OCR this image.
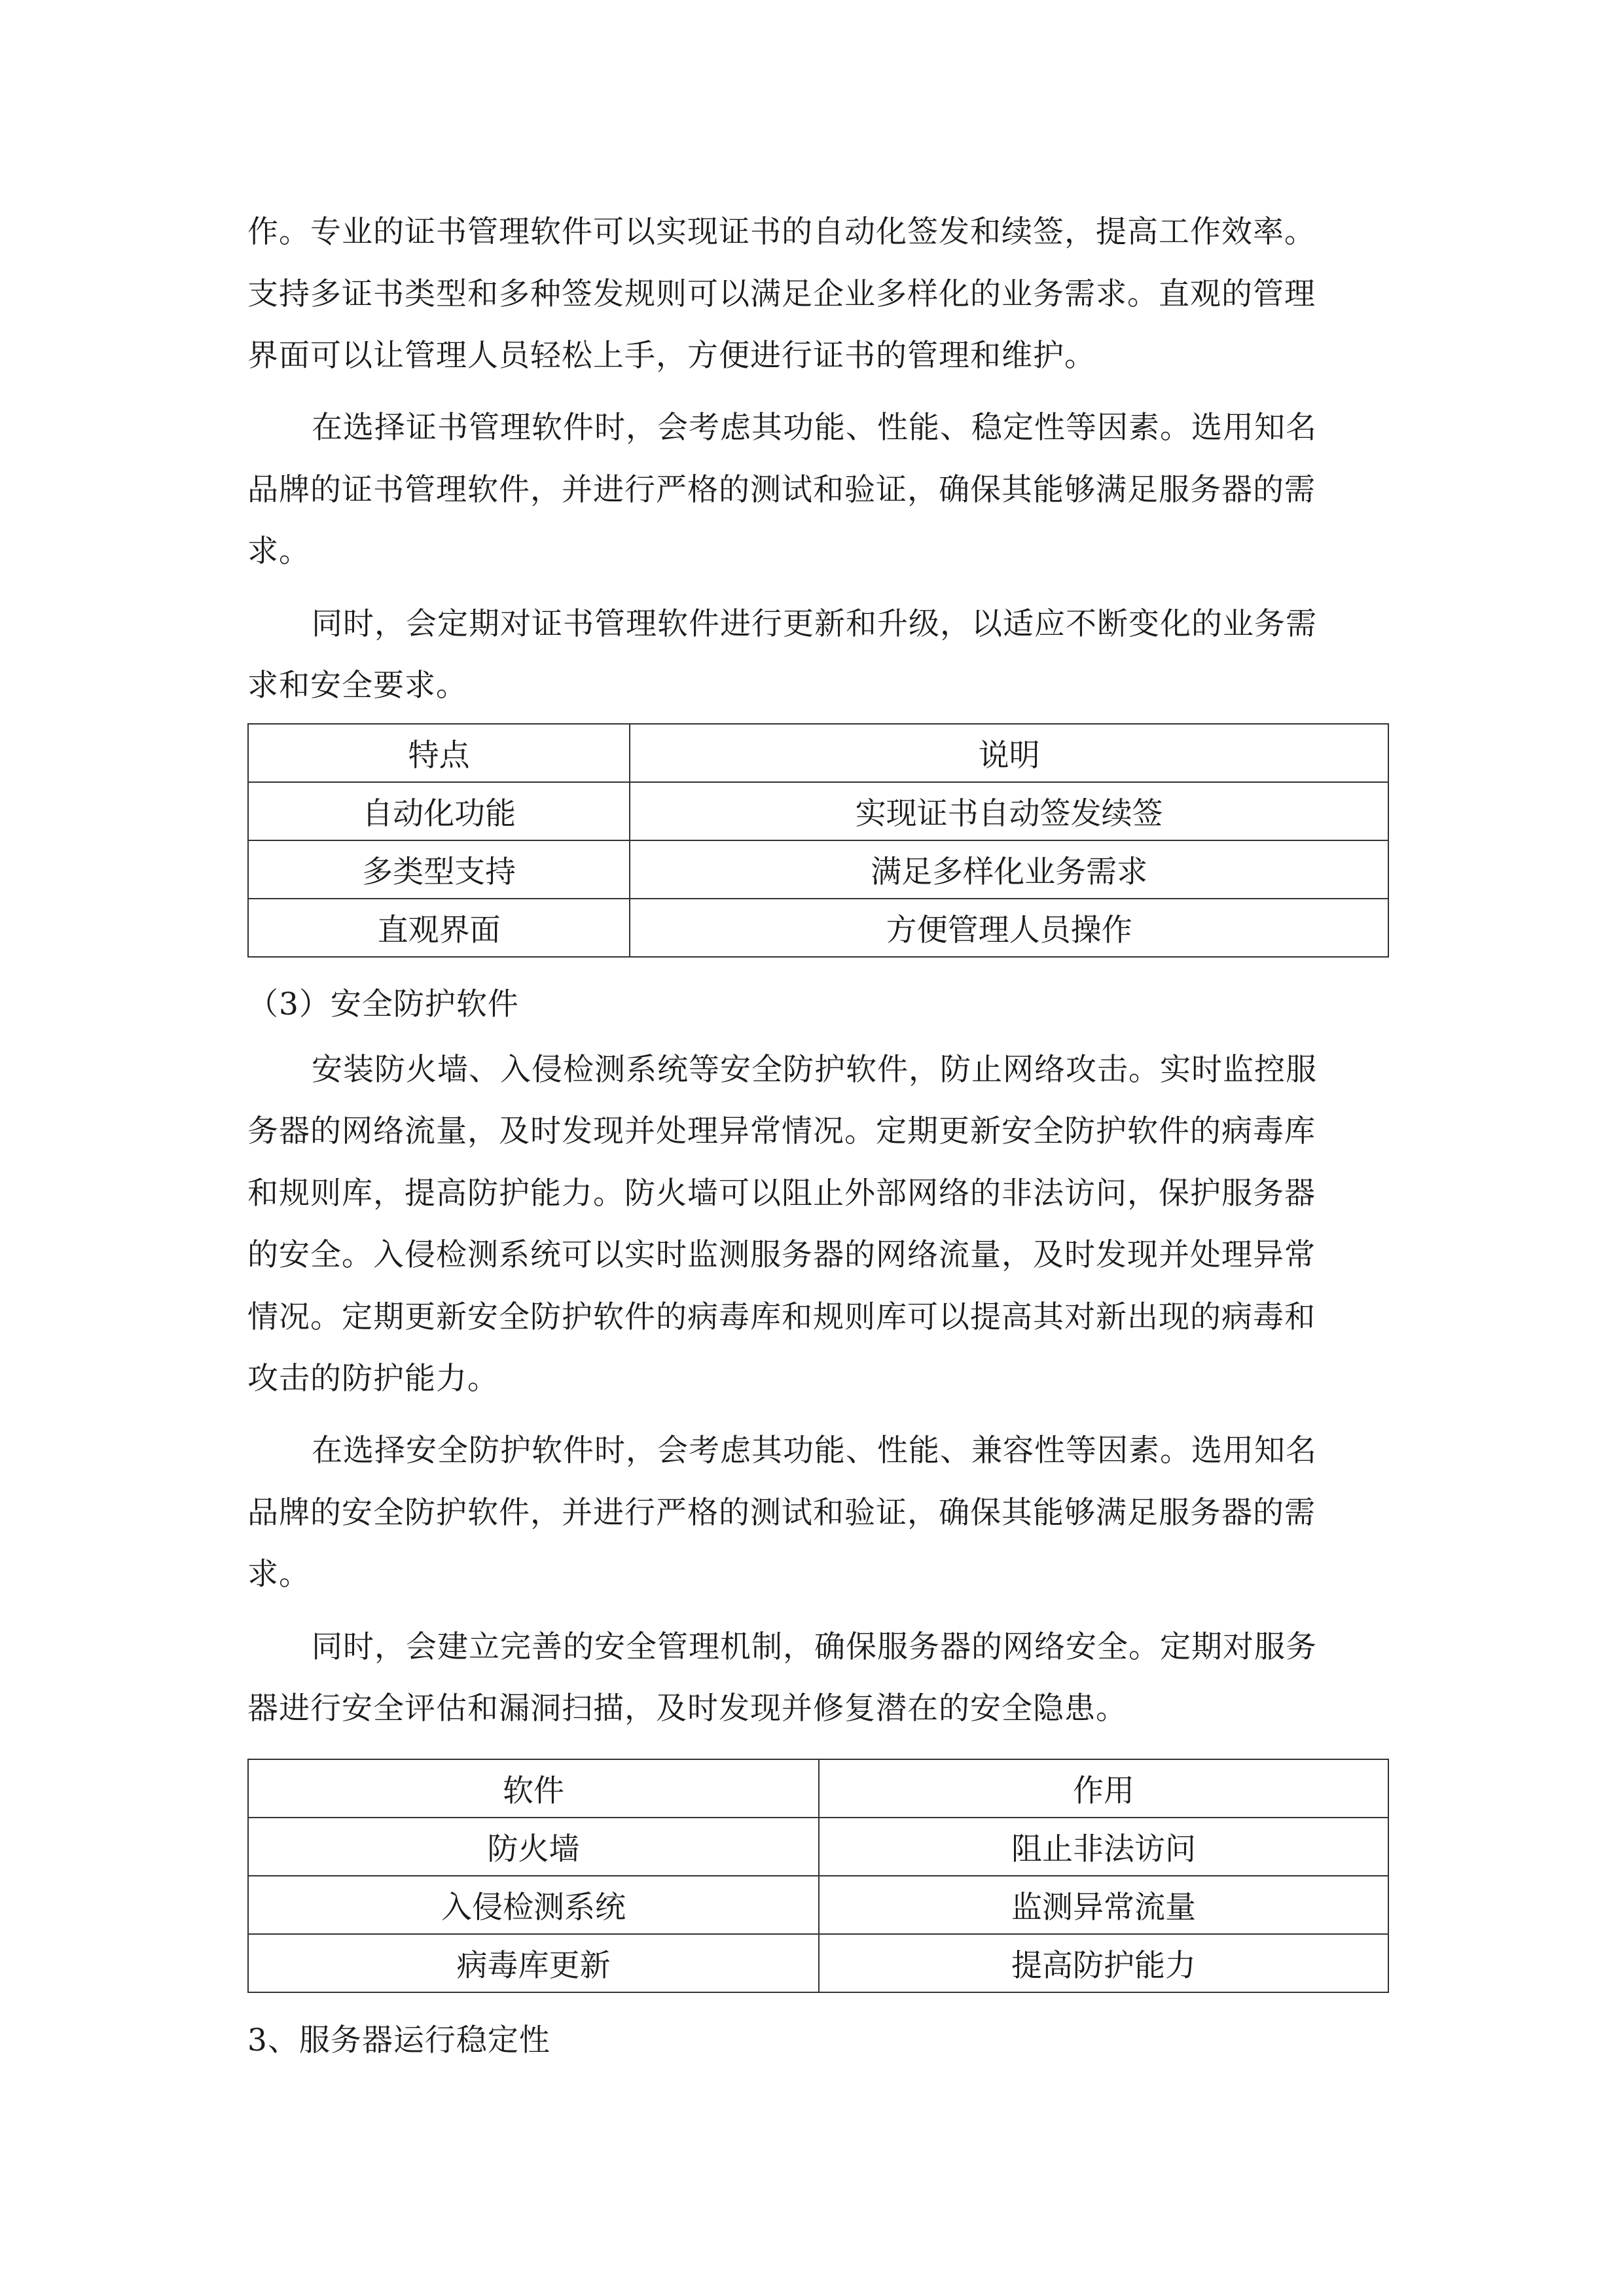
作。专业的证书管理软件可以实现证书的自动化签发和续签，提高工作效率。
支持多证书类型和多种签发规则可以满足企业多样化的业务需求。直观的管理
界面可以让管理人员轻松上手，方便进行证书的管理和维护。
在选择证书管理软件时，会考虑其功能、性能、稳定性等因素。选用知名
品牌的证书管理软件，并进行严格的测试和验证，确保其能够满足服务器的需
求。
同时，会定期对证书管理软件进行更新和升级，以适应不断变化的业务需
求和安全要求。
特点	说明
自动化功能	实现证书自动签发续签
多类型支持	满足多样化业务需求
直观界面	方便管理人员操作
（3）安全防护软件
安装防火墙、入侵检测系统等安全防护软件，防止网络攻击。实时监控服
务器的网络流量，及时发现并处理异常情况。定期更新安全防护软件的病毒库
和规则库，提高防护能力。防火墙可以阻止外部网络的非法访问，保护服务器
的安全。入侵检测系统可以实时监测服务器的网络流量，及时发现并处理异常
情况。定期更新安全防护软件的病毒库和规则库可以提高其对新出现的病毒和
攻击的防护能力。
在选择安全防护软件时，会考虑其功能、性能、兼容性等因素。选用知名
品牌的安全防护软件，并进行严格的测试和验证，确保其能够满足服务器的需
求。
同时，会建立完善的安全管理机制，确保服务器的网络安全。定期对服务
器进行安全评估和漏洞扫描，及时发现并修复潜在的安全隐患。
软件	作用
防火墙	阻止非法访问
入侵检测系统	监测异常流量
病毒库更新	提高防护能力
3、服务器运行稳定性
